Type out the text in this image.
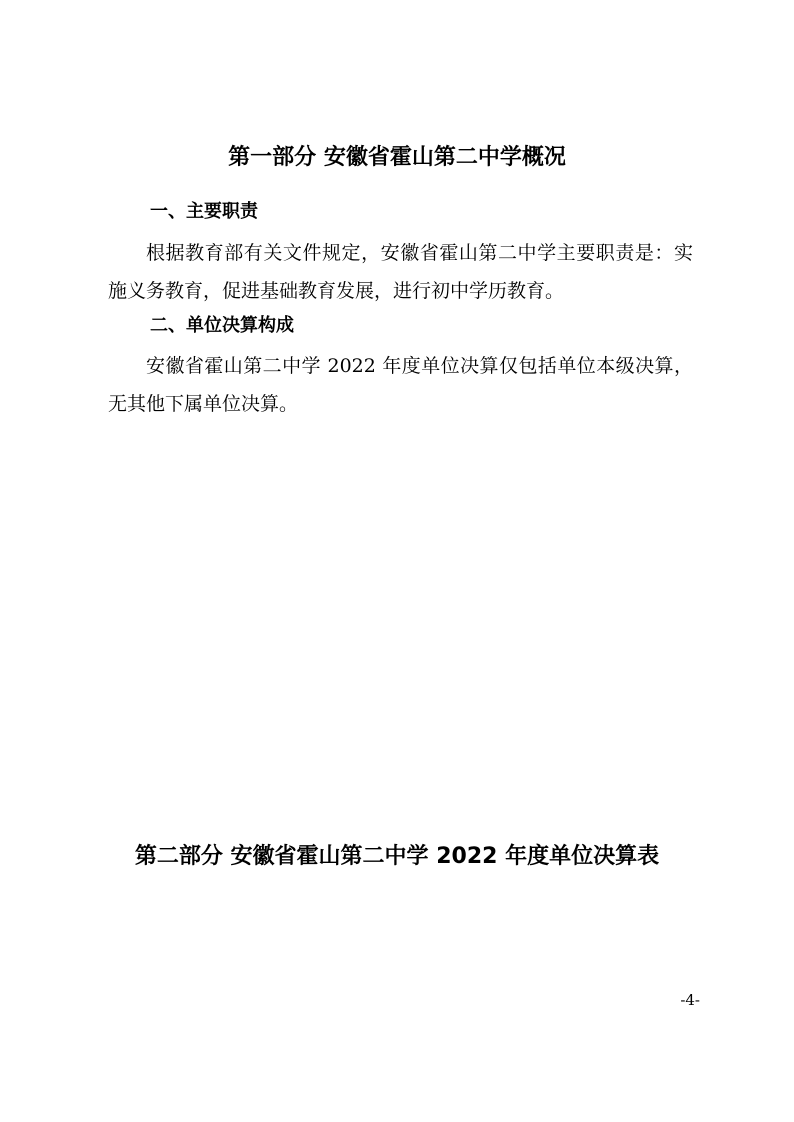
第一部分 安徽省霍山第二中学概况
一、主要职责
根据教育部有关文件规定，安徽省霍山第二中学主要职责是：实施义务教育，促进基础教育发展，进行初中学历教育。
二、单位决算构成
安徽省霍山第二中学 2022 年度单位决算仅包括单位本级决算，无其他下属单位决算。
第二部分 安徽省霍山第二中学 2022 年度单位决算表
-4-
